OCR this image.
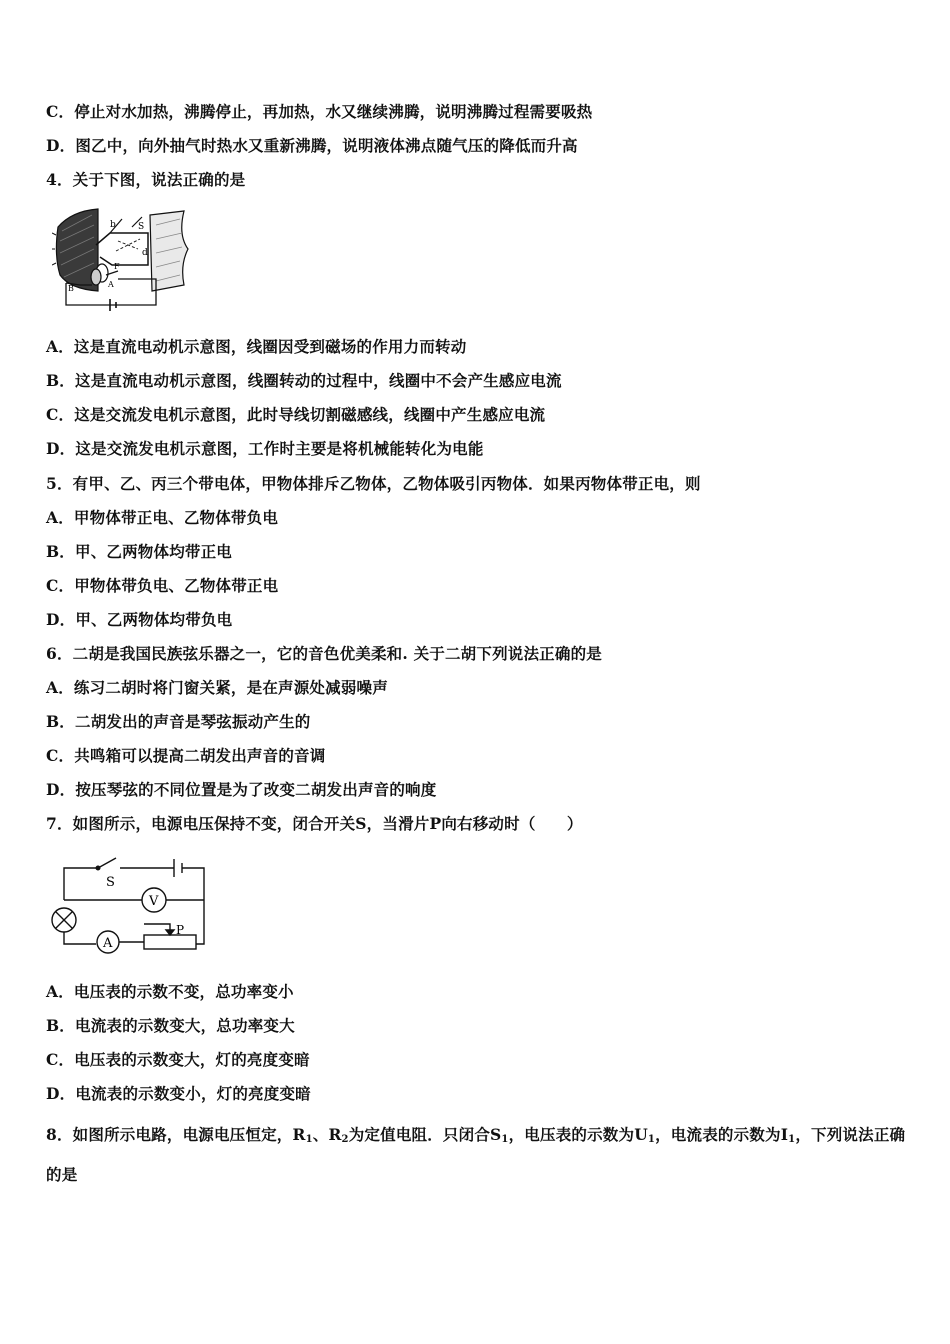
C．停止对水加热，沸腾停止，再加热，水又继续沸腾，说明沸腾过程需要吸热
D．图乙中，向外抽气时热水又重新沸腾，说明液体沸点随气压的降低而升高
4．关于下图，说法正确的是
b S
d
F
A
B
A．这是直流电动机示意图，线圈因受到磁场的作用力而转动
B．这是直流电动机示意图，线圈转动的过程中，线圈中不会产生感应电流
C．这是交流发电机示意图，此时导线切割磁感线，线圈中产生感应电流
D．这是交流发电机示意图，工作时主要是将机械能转化为电能
5．有甲、乙、丙三个带电体，甲物体排斥乙物体，乙物体吸引丙物体．如果丙物体带正电，则
A．甲物体带正电、乙物体带负电
B．甲、乙两物体均带正电
C．甲物体带负电、乙物体带正电
D．甲、乙两物体均带负电
6．二胡是我国民族弦乐器之一，它的音色优美柔和. 关于二胡下列说法正确的是
A．练习二胡时将门窗关紧，是在声源处减弱噪声
B．二胡发出的声音是琴弦振动产生的
C．共鸣箱可以提高二胡发出声音的音调
D．按压琴弦的不同位置是为了改变二胡发出声音的响度
7．如图所示，电源电压保持不变，闭合开关S，当滑片P向右移动时（　　）
S
V
A
P
A．电压表的示数不变，总功率变小
B．电流表的示数变大，总功率变大
C．电压表的示数变大，灯的亮度变暗
D．电流表的示数变小，灯的亮度变暗
8．如图所示电路，电源电压恒定，$R_1$、$R_2$为定值电阻．只闭合$S_1$，电压表的示数为$U_1$，电流表的示数为$I_1$，下列说法正确的是
